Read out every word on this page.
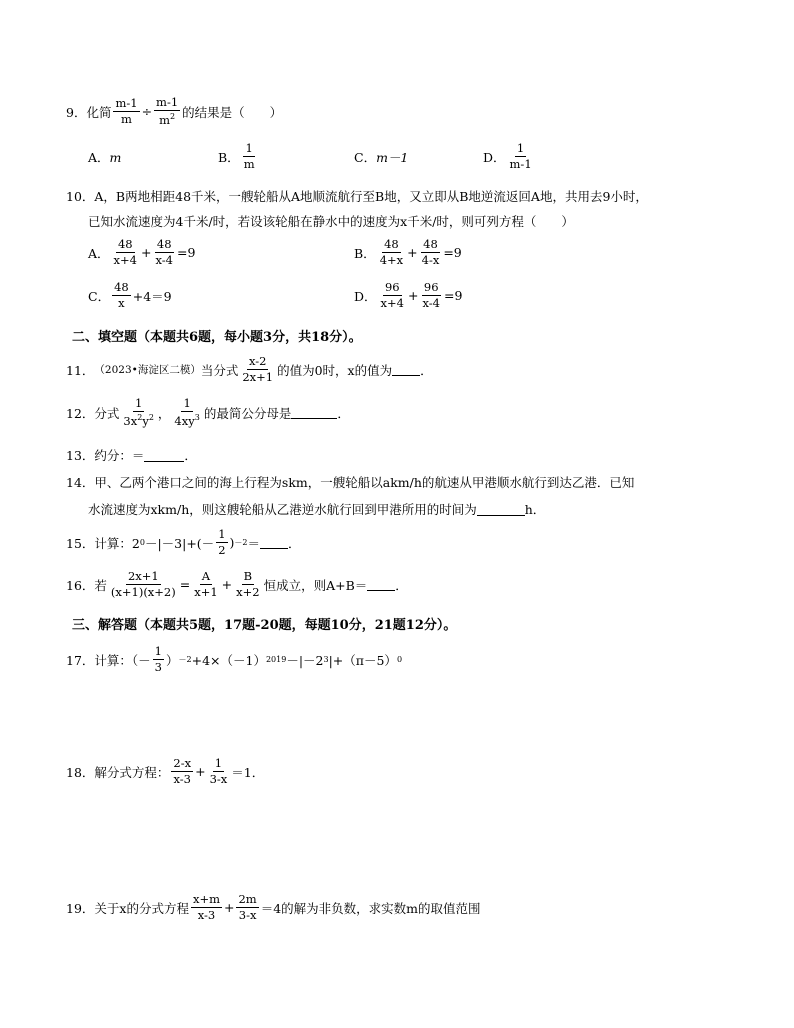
9．化简 $\frac{m-1}{m} \div \frac{m-1}{m^2}$ 的结果是（　　）
A． m	B． $\frac{1}{m}$	C． m－1	D． $\frac{1}{m-1}$
10．A，B两地相距48千米，一艘轮船从A地顺流航行至B地，又立即从B地逆流返回A地，共用去9小时，
已知水流速度为4千米/时，若设该轮船在静水中的速度为x千米/时，则可列方程（　　）
A． $\frac{48}{x+4} + \frac{48}{x-4} =9$	B． $\frac{48}{4+x} + \frac{48}{4-x} =9$
C． $\frac{48}{x} +4=9$	D． $\frac{96}{x+4} + \frac{96}{x-4} =9$
二、填空题（本题共6题，每小题3分，共18分）。
11． （2023•海淀区二模） 当分式 $\frac{x-2}{2x+1}$ 的值为0时，x的值为 ．
12．分式 $\frac{1}{3x^2y^2}$ ， $\frac{1}{4xy^3}$ 的最简公分母是	．
13．约分：＝	．
14．甲、乙两个港口之间的海上行程为skm，一艘轮船以akm/h的航速从甲港顺水航行到达乙港．已知
水流速度为xkm/h，则这艘轮船从乙港逆水航行回到甲港所用的时间为	h．
15．计算：2 $0 -|-3|+(- \frac{1}{2}$ ) －2 ＝ ．
16．若 $\frac{2x+1}{(x+1)(x+2)} = \frac{A}{x+1} + \frac{B}{x+2}$ 恒成立，则A+B＝ ．
三、解答题（本题共5题，17题-20题，每题10分，21题12分）。
17．计算：（－ $\frac{1}{3}$ ） －2 +4×（－1） 2019 －|－2 3 |+（π－5） 0
18．解分式方程： $\frac{2-x}{x-3} + \frac{1}{3-x} =1$．
19．关于x的分式方程 $\frac{x+m}{x-3} + \frac{2m}{3-x} =4$的解为非负数，求实数m的取值范围
